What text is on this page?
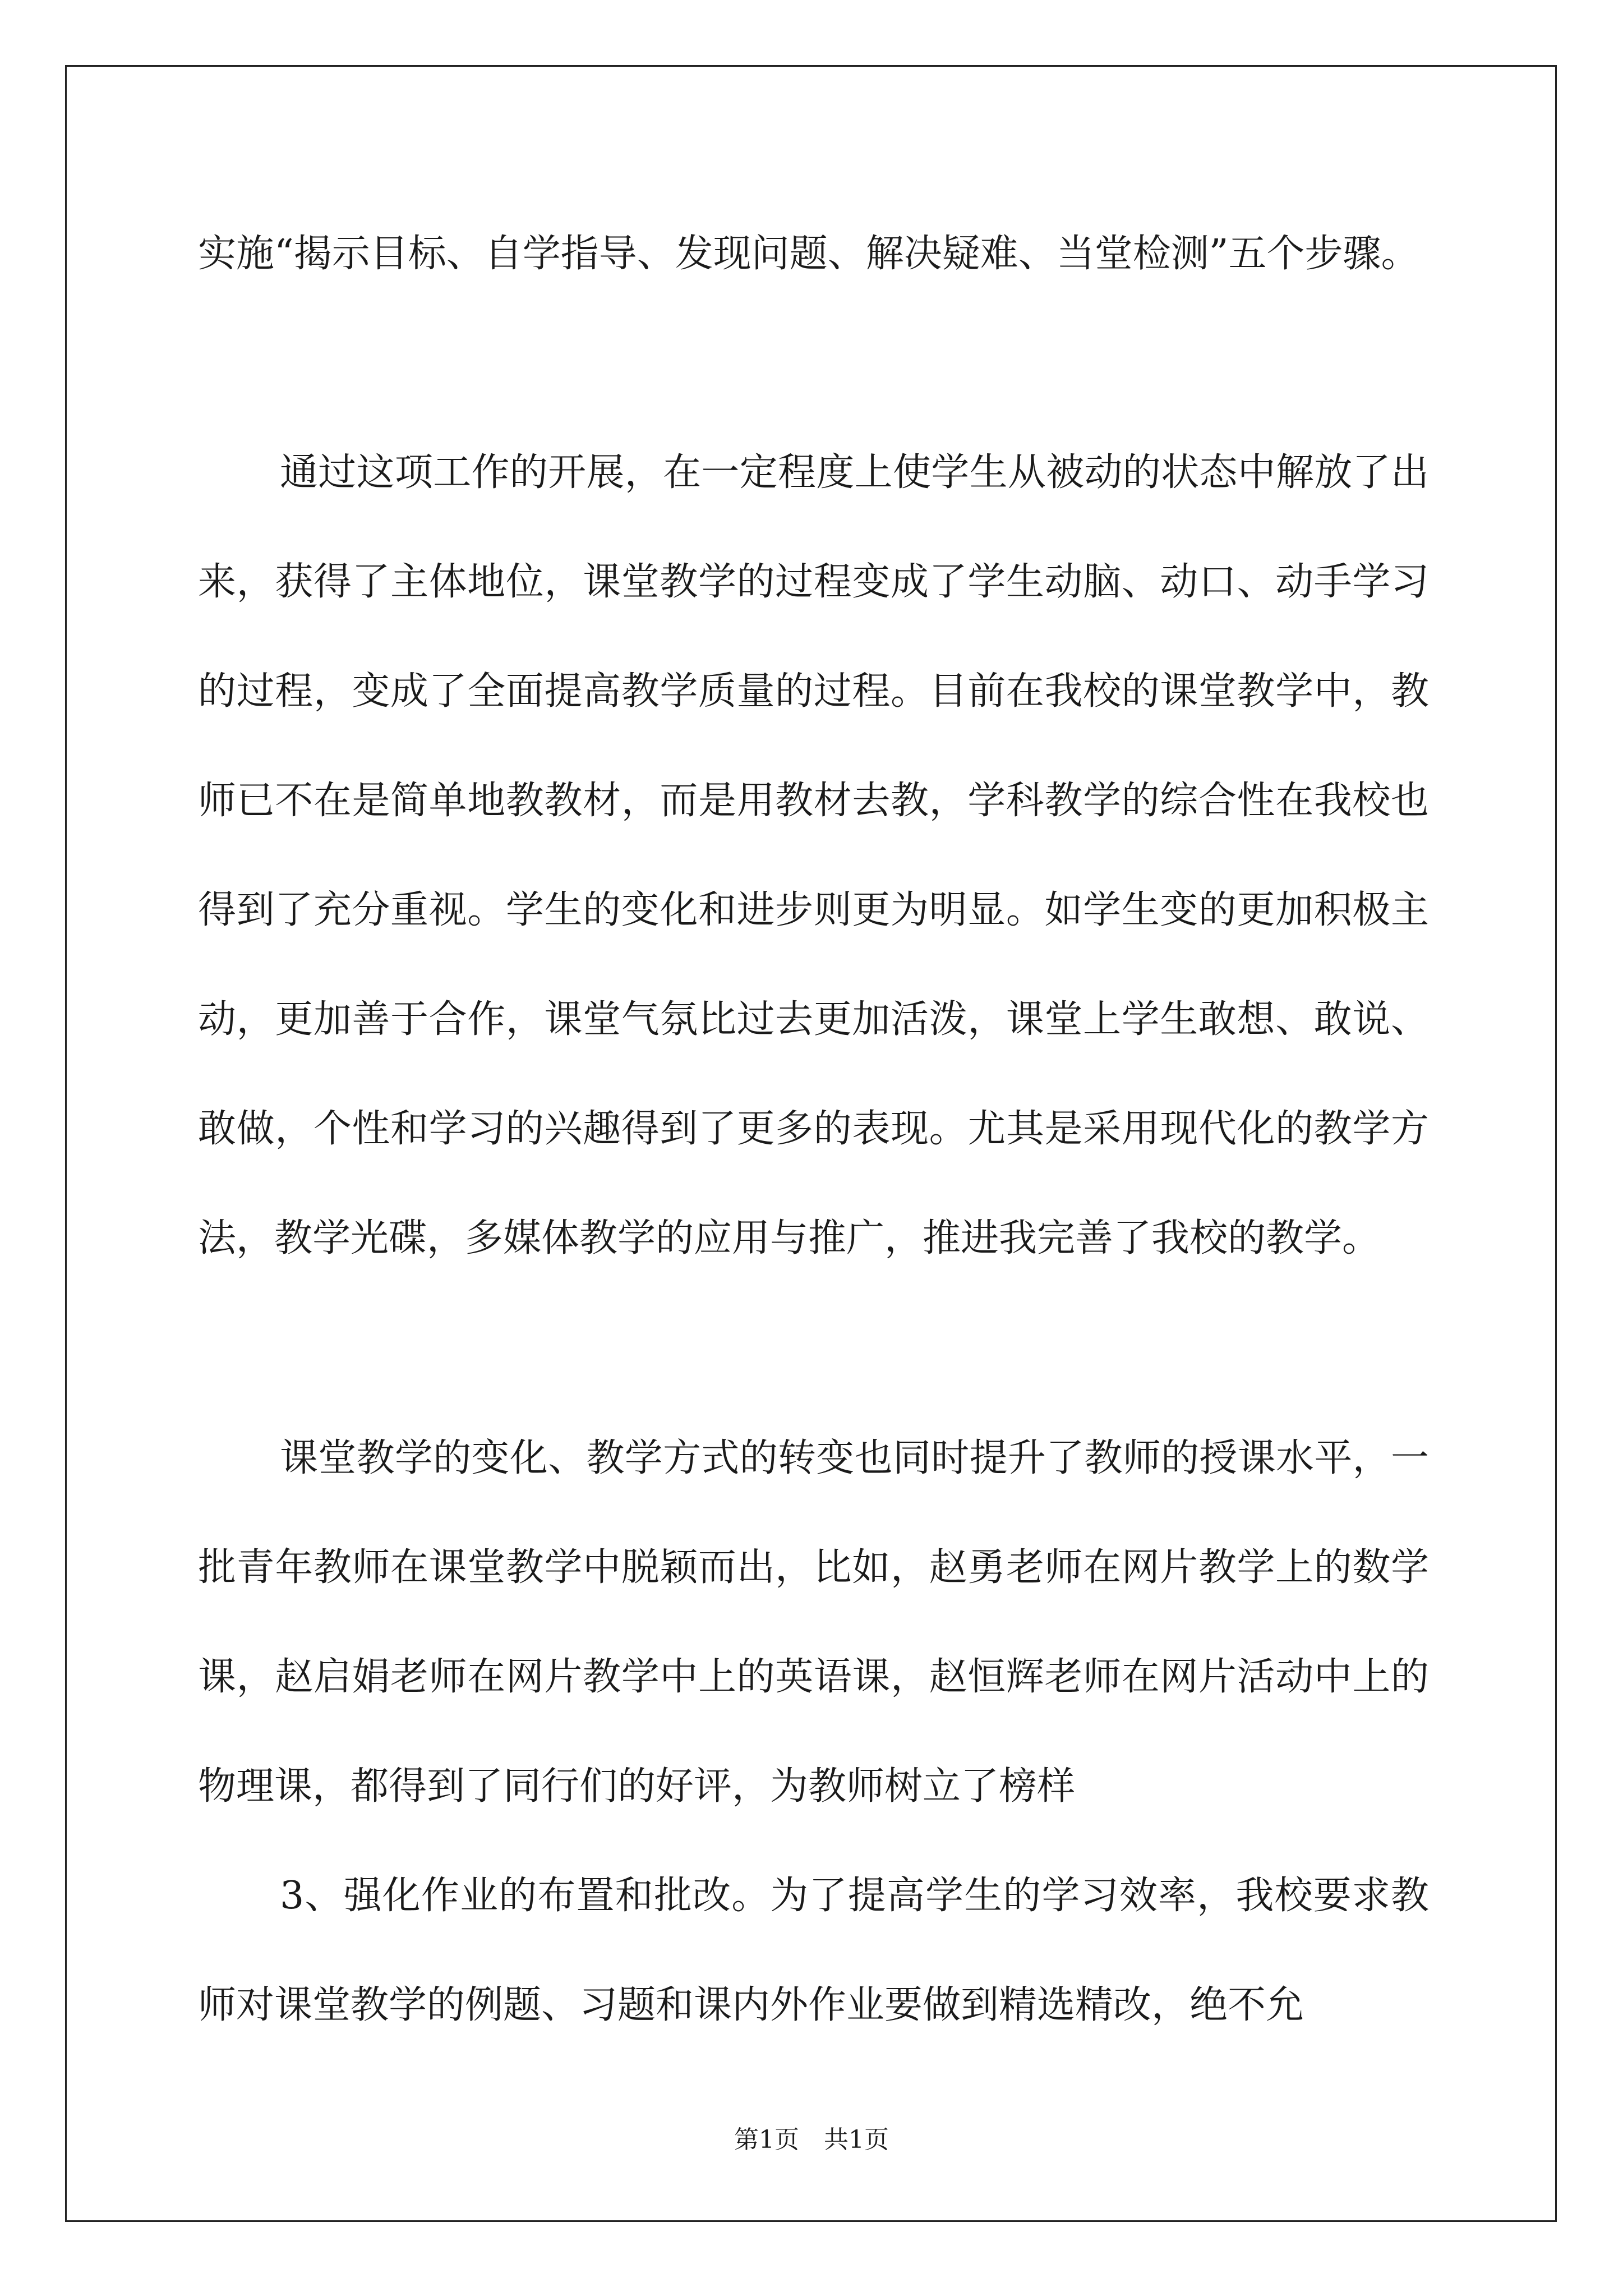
实施“揭示目标、自学指导、发现问题、解决疑难、当堂检测”五个步骤。

通过这项工作的开展，在一定程度上使学生从被动的状态中解放了出来，获得了主体地位，课堂教学的过程变成了学生动脑、动口、动手学习的过程，变成了全面提高教学质量的过程。目前在我校的课堂教学中，教师已不在是简单地教教材，而是用教材去教，学科教学的综合性在我校也得到了充分重视。学生的变化和进步则更为明显。如学生变的更加积极主动，更加善于合作，课堂气氛比过去更加活泼，课堂上学生敢想、敢说、敢做，个性和学习的兴趣得到了更多的表现。尤其是采用现代化的教学方法，教学光碟，多媒体教学的应用与推广，推进我完善了我校的教学。

课堂教学的变化、教学方式的转变也同时提升了教师的授课水平，一批青年教师在课堂教学中脱颖而出，比如，赵勇老师在网片教学上的数学课，赵启娟老师在网片教学中上的英语课，赵恒辉老师在网片活动中上的物理课，都得到了同行们的好评，为教师树立了榜样

3、强化作业的布置和批改。为了提高学生的学习效率，我校要求教师对课堂教学的例题、习题和课内外作业要做到精选精改，绝不允

第1页　共1页
